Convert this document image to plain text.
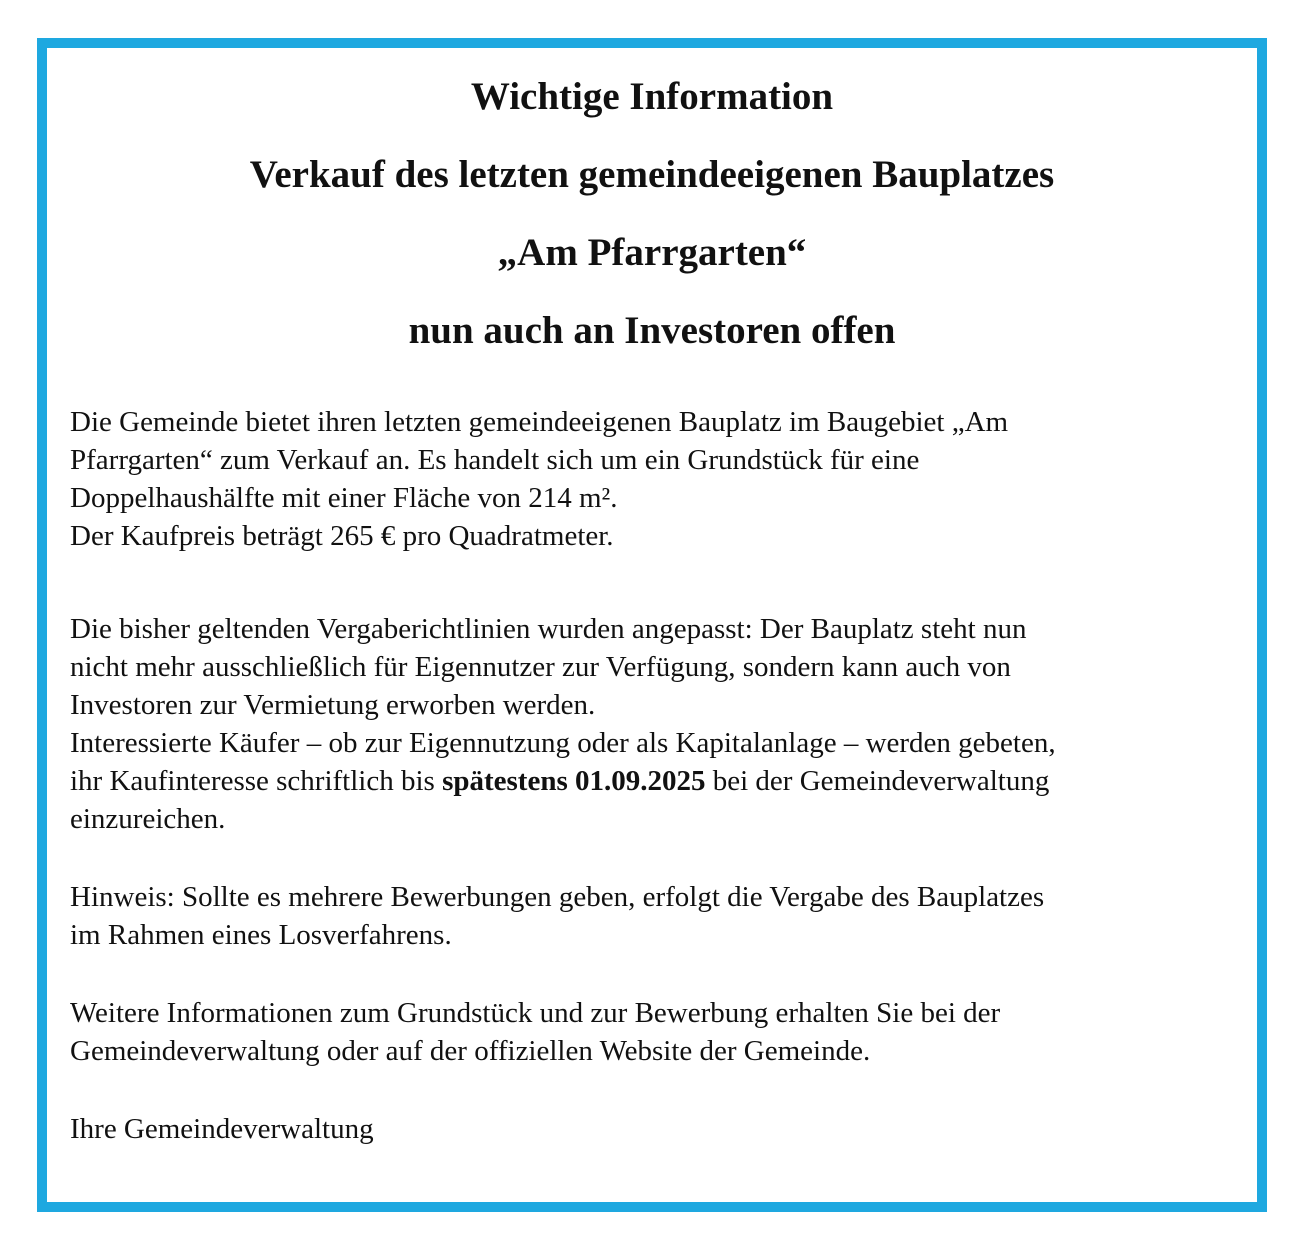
Wichtige Information
Verkauf des letzten gemeindeeigenen Bauplatzes
„Am Pfarrgarten“
nun auch an Investoren offen

Die Gemeinde bietet ihren letzten gemeindeeigenen Bauplatz im Baugebiet „Am
Pfarrgarten“ zum Verkauf an. Es handelt sich um ein Grundstück für eine
Doppelhaushälfte mit einer Fläche von 214 m².
Der Kaufpreis beträgt 265 € pro Quadratmeter.

Die bisher geltenden Vergaberichtlinien wurden angepasst: Der Bauplatz steht nun
nicht mehr ausschließlich für Eigennutzer zur Verfügung, sondern kann auch von
Investoren zur Vermietung erworben werden.
Interessierte Käufer – ob zur Eigennutzung oder als Kapitalanlage – werden gebeten,
ihr Kaufinteresse schriftlich bis spätestens 01.09.2025 bei der Gemeindeverwaltung
einzureichen.

Hinweis: Sollte es mehrere Bewerbungen geben, erfolgt die Vergabe des Bauplatzes
im Rahmen eines Losverfahrens.

Weitere Informationen zum Grundstück und zur Bewerbung erhalten Sie bei der
Gemeindeverwaltung oder auf der offiziellen Website der Gemeinde.

Ihre Gemeindeverwaltung
